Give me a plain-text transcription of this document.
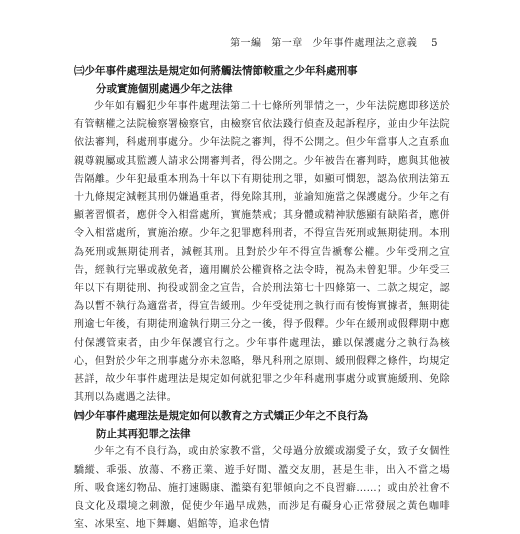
第一編 第一章 少年事件處理法之意義 5
㈢少年事件處理法是規定如何將觸法情節較重之少年科處刑事
分或實施個別處遇少年之法律

少年如有觸犯少年事件處理法第二十七條所列罪情之一，少年法院應即移送於有管轄權之法院檢察署檢察官，由檢察官依法踐行偵查及起訴程序，並由少年法院依法審判，科處刑事處分。少年法院之審判，得不公開之。但少年當事人之直系血親尊親屬或其監護人請求公開審判者，得公開之。少年被告在審判時，應與其他被告隔離。少年犯最重本刑為十年以下有期徒刑之罪，如顯可憫恕，認為依刑法第五十九條規定減輕其刑仍嫌過重者，得免除其刑，並諭知施當之保護處分。少年之有顯著習慣者，應併令入相當處所，實施禁戒；其身體或精神狀態顯有缺陷者，應併令入相當處所，實施治療。少年之犯罪應科刑者，不得宣告死刑或無期徒刑。本刑為死刑或無期徒刑者，減輕其刑。且對於少年不得宣告褫奪公權。少年受刑之宣告，經執行完畢或赦免者，適用關於公權資格之法令時，視為未曾犯罪。少年受三年以下有期徒刑、拘役或罰金之宣告，合於刑法第七十四條第一、二款之規定，認為以暫不執行為適當者，得宣告緩刑。少年受徒刑之執行而有悛悔實據者，無期徒刑逾七年後，有期徒刑逾執行期三分之一後，得予假釋。少年在緩刑或假釋期中應付保護管束者，由少年保護官行之。少年事件處理法，雖以保護處分之執行為核心，但對於少年之刑事處分亦未忽略，舉凡科刑之原則、緩刑假釋之條件，均規定甚詳，故少年事件處理法是規定如何就犯罪之少年科處刑事處分或實施緩刑、免除其刑以為處遇之法律。

㈣少年事件處理法是規定如何以教育之方式矯正少年之不良行為
防止其再犯罪之法律

少年之有不良行為，或由於家教不當，父母過分放縱或溺愛子女，致子女個性驕縱、乖張、放蕩、不務正業、遊手好閒、濫交友朋，甚是生非，出入不當之場所、吸食迷幻物品、施打速賜康、濫築有犯罪傾向之不良習癖……；或由於社會不良文化及環境之刺激，促使少年過早成熟，而涉足有礙身心正常發展之黃色咖啡室、冰果室、地下舞廳、娼館等，追求色情
